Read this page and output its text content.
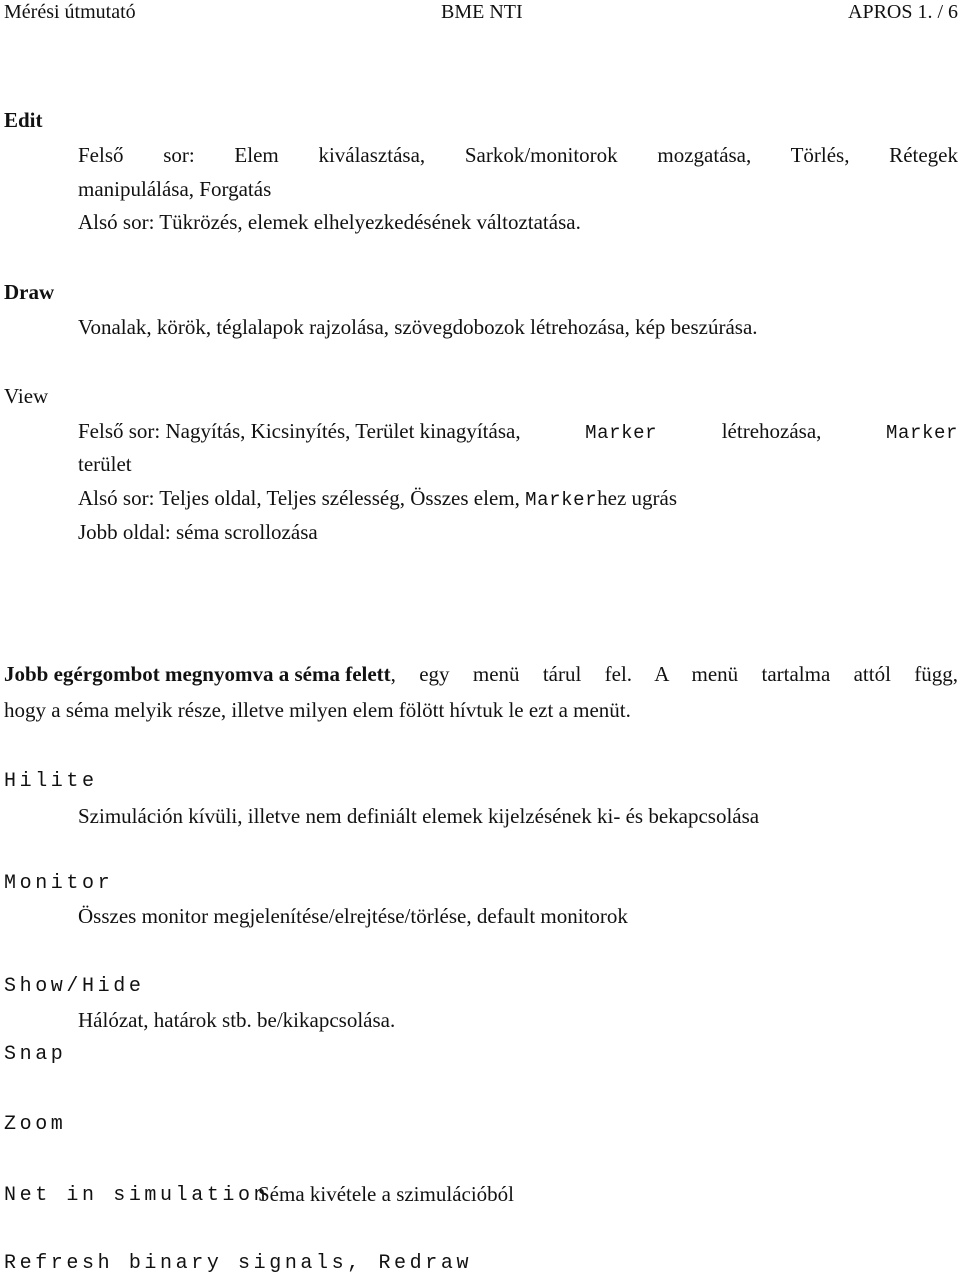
Mérési útmutató	BME NTI	APROS 1. / 6
Edit
Felső sor: Elem kiválasztása, Sarkok/monitorok mozgatása, Törlés, Rétegek
manipulálása, Forgatás
Alsó sor: Tükrözés, elemek elhelyezkedésének változtatása.
Draw
Vonalak, körök, téglalapok rajzolása, szövegdobozok létrehozása, kép beszúrása.
View
Felső sor: Nagyítás, Kicsinyítés, Terület kinagyítása,	Marker	létrehozása,	Marker
terület
Alsó sor: Teljes oldal, Teljes szélesség, Összes elem, Markerhez ugrás
Jobb oldal: séma scrollozása
Jobb egérgombot megnyomva a séma felett , egy menü tárul fel. A menü tartalma attól függ,
hogy a séma melyik része, illetve milyen elem fölött hívtuk le ezt a menüt.
Hilite
Szimuláción kívüli, illetve nem definiált elemek kijelzésének ki- és bekapcsolása
Monitor
Összes monitor megjelenítése/elrejtése/törlése, default monitorok
Show/Hide
Hálózat, határok stb. be/kikapcsolása.
Snap
Zoom
Net in simulation
Séma kivétele a szimulációból
Refresh binary signals, Redraw
